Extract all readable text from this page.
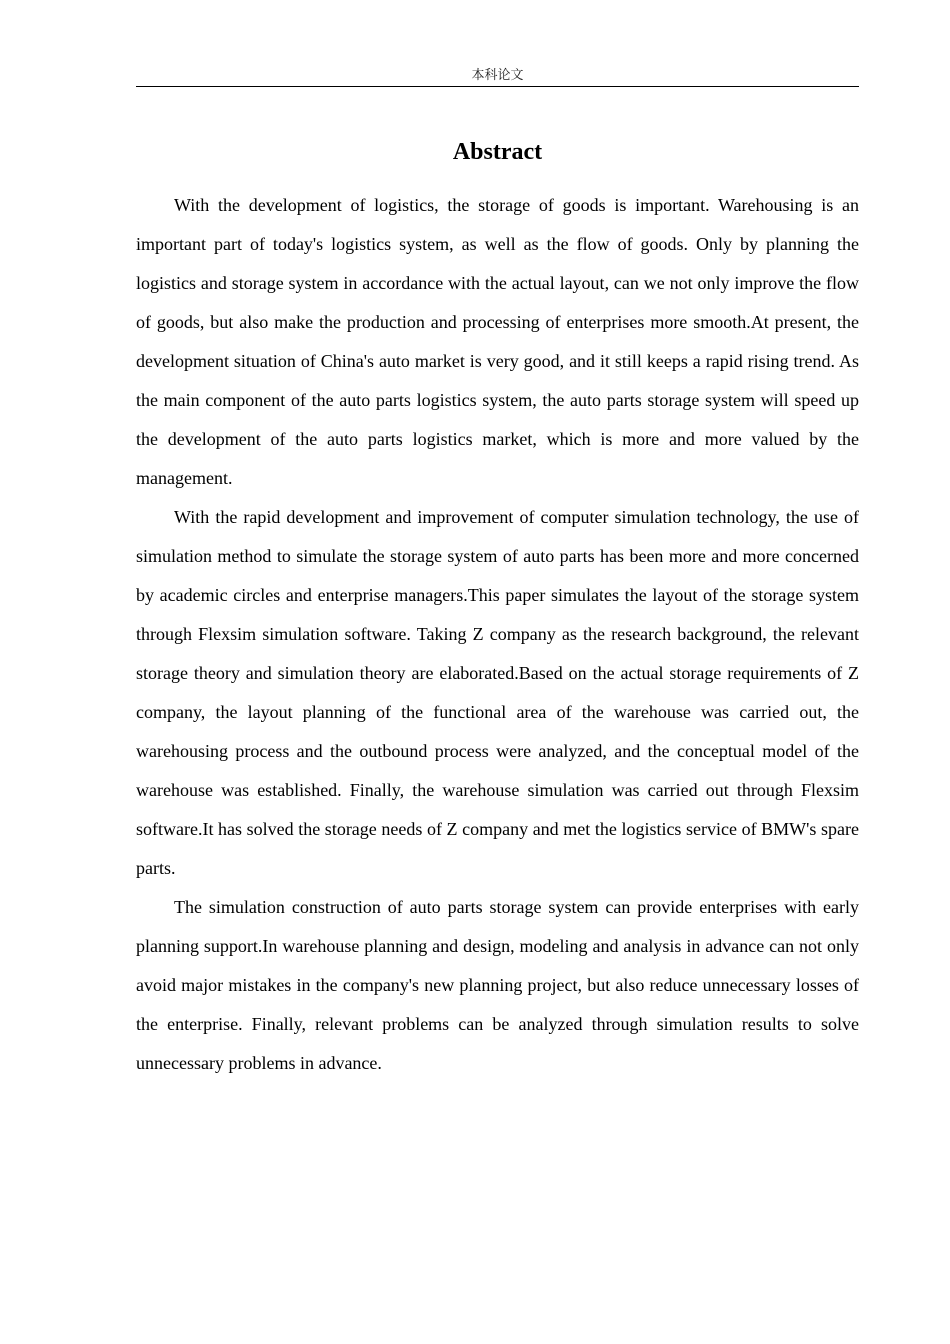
本科论文
Abstract

With the development of logistics, the storage of goods is important. Warehousing is an important part of today's logistics system, as well as the flow of goods. Only by planning the logistics and storage system in accordance with the actual layout, can we not only improve the flow of goods, but also make the production and processing of enterprises more smooth.At present, the development situation of China's auto market is very good, and it still keeps a rapid rising trend. As the main component of the auto parts logistics system, the auto parts storage system will speed up the development of the auto parts logistics market, which is more and more valued by the management.

With the rapid development and improvement of computer simulation technology, the use of simulation method to simulate the storage system of auto parts has been more and more concerned by academic circles and enterprise managers.This paper simulates the layout of the storage system through Flexsim simulation software. Taking Z company as the research background, the relevant storage theory and simulation theory are elaborated.Based on the actual storage requirements of Z company, the layout planning of the functional area of the warehouse was carried out, the warehousing process and the outbound process were analyzed, and the conceptual model of the warehouse was established. Finally, the warehouse simulation was carried out through Flexsim software.It has solved the storage needs of Z company and met the logistics service of BMW's spare parts.

The simulation construction of auto parts storage system can provide enterprises with early planning support.In warehouse planning and design, modeling and analysis in advance can not only avoid major mistakes in the company's new planning project, but also reduce unnecessary losses of the enterprise. Finally, relevant problems can be analyzed through simulation results to solve unnecessary problems in advance.
